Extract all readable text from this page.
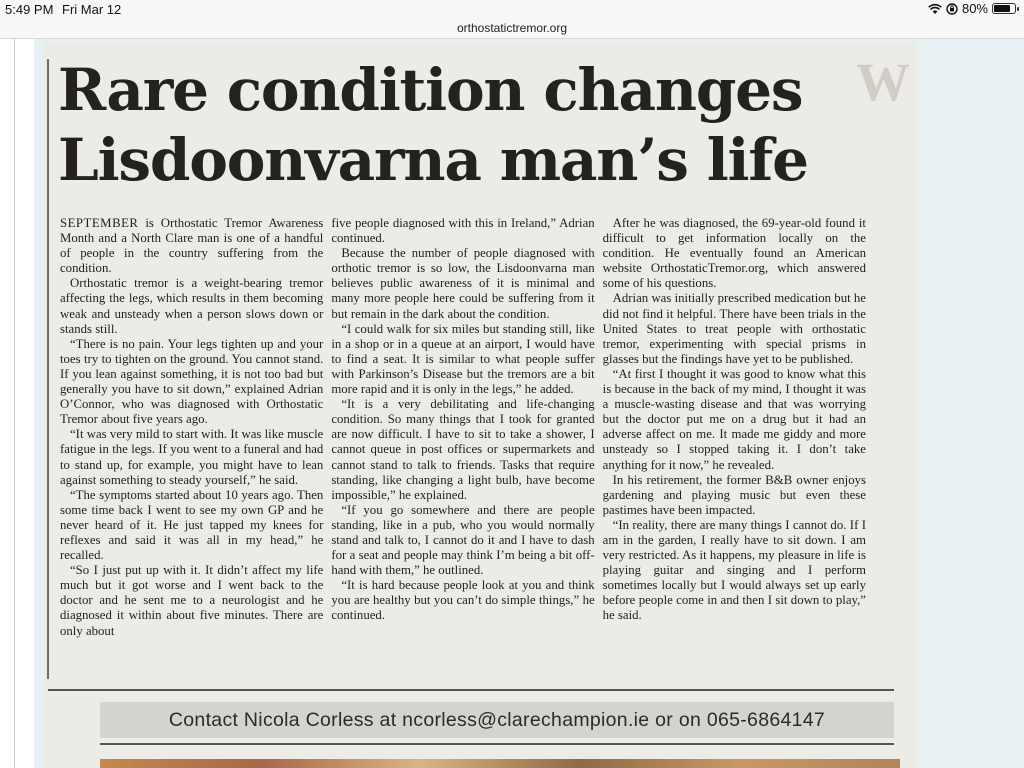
5:49 PM Fri Mar 12	80%
orthostatictremor.org
W
Rare condition changes
Lisdoonvarna man’s life

SEPTEMBER is Orthostatic Tremor Awareness Month and a North Clare man is one of a handful of people in the country suffering from the condition.

Orthostatic tremor is a weight-bearing tremor affecting the legs, which results in them becoming weak and unsteady when a person slows down or stands still.

“There is no pain. Your legs tighten up and your toes try to tighten on the ground. You cannot stand. If you lean against something, it is not too bad but generally you have to sit down,” explained Adrian O’Connor, who was diagnosed with Orthostatic Tremor about five years ago.

“It was very mild to start with. It was like muscle fatigue in the legs. If you went to a funeral and had to stand up, for example, you might have to lean against something to steady yourself,” he said.

“The symptoms started about 10 years ago. Then some time back I went to see my own GP and he never heard of it. He just tapped my knees for reflexes and said it was all in my head,” he recalled.

“So I just put up with it. It didn’t affect my life much but it got worse and I went back to the doctor and he sent me to a neurologist and he diagnosed it within about five minutes. There are only about

five people diagnosed with this in Ireland,” Adrian continued.

Because the number of people diagnosed with orthotic tremor is so low, the Lisdoonvarna man believes public awareness of it is minimal and many more people here could be suffering from it but remain in the dark about the condition.

“I could walk for six miles but standing still, like in a shop or in a queue at an airport, I would have to find a seat. It is similar to what people suffer with Parkinson’s Disease but the tremors are a bit more rapid and it is only in the legs,” he added.

“It is a very debilitating and life-changing condition. So many things that I took for granted are now difficult. I have to sit to take a shower, I cannot queue in post offices or supermarkets and cannot stand to talk to friends. Tasks that require standing, like changing a light bulb, have become impossible,” he explained.

“If you go somewhere and there are people standing, like in a pub, who you would normally stand and talk to, I cannot do it and I have to dash for a seat and people may think I’m being a bit off-hand with them,” he outlined.

“It is hard because people look at you and think you are healthy but you can’t do simple things,” he continued.

After he was diagnosed, the 69-year-old found it difficult to get information locally on the condition. He eventually found an American website OrthostaticTremor.org, which answered some of his questions.

Adrian was initially prescribed medication but he did not find it helpful. There have been trials in the United States to treat people with orthostatic tremor, experimenting with special prisms in glasses but the findings have yet to be published.

“At first I thought it was good to know what this is because in the back of my mind, I thought it was a muscle-wasting disease and that was worrying but the doctor put me on a drug but it had an adverse affect on me. It made me giddy and more unsteady so I stopped taking it. I don’t take anything for it now,” he revealed.

In his retirement, the former B&B owner enjoys gardening and playing music but even these pastimes have been impacted.

“In reality, there are many things I cannot do. If I am in the garden, I really have to sit down. I am very restricted. As it happens, my pleasure in life is playing guitar and singing and I perform sometimes locally but I would always set up early before people come in and then I sit down to play,” he said.

Contact Nicola Corless at ncorless@clarechampion.ie or on 065-6864147
